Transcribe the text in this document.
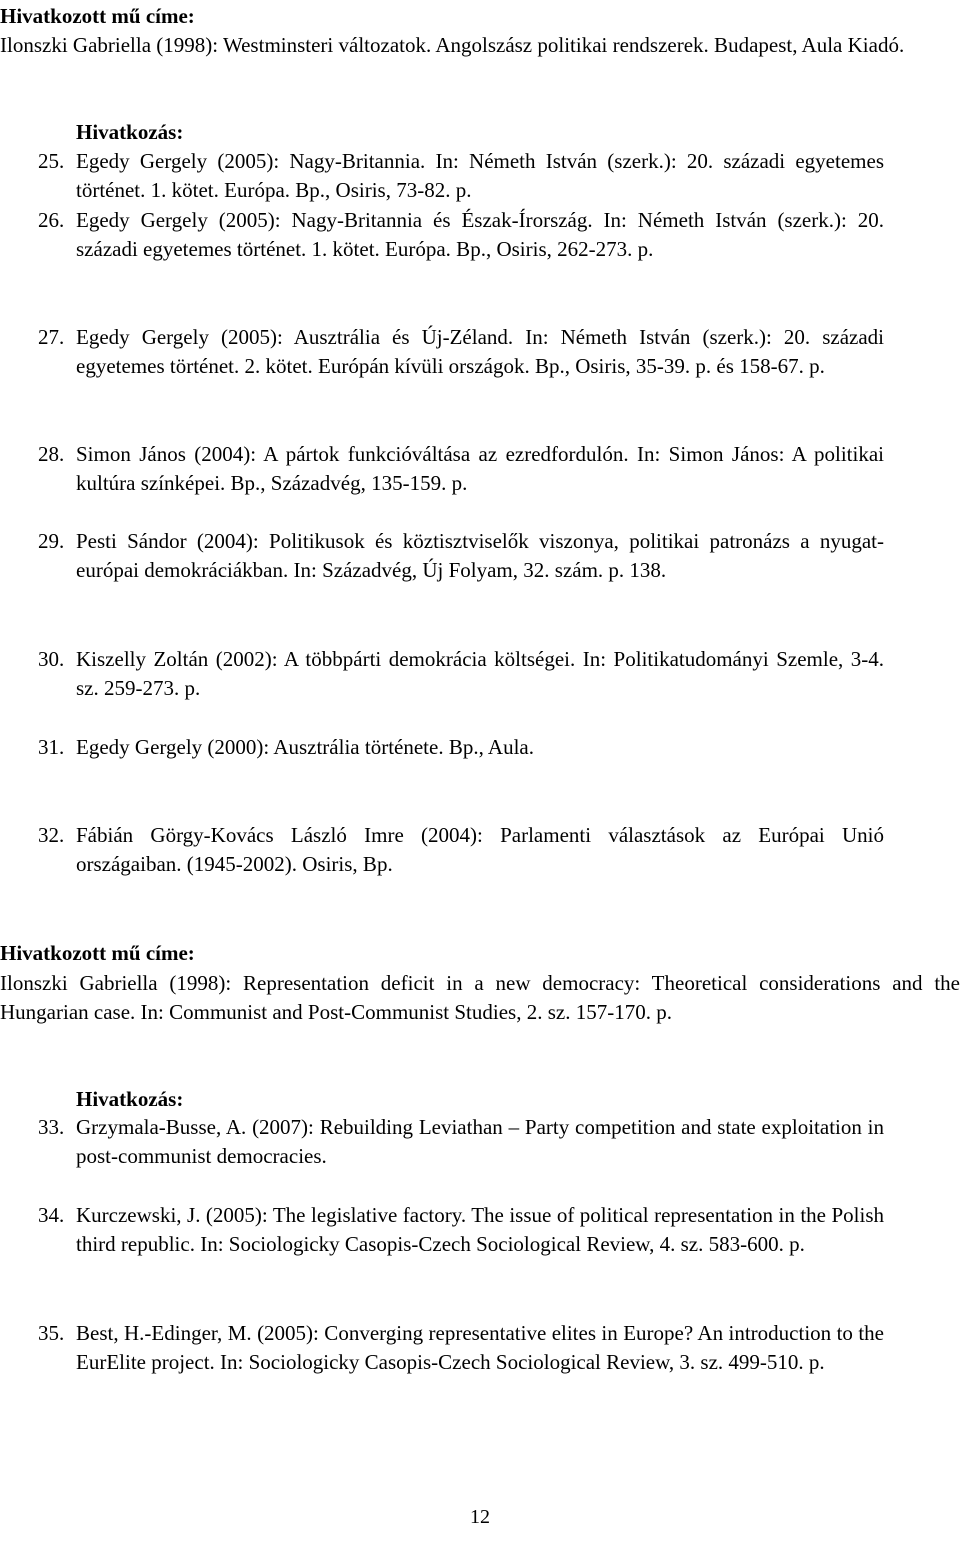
Hivatkozott mű címe:
Ilonszki Gabriella (1998): Westminsteri változatok. Angolszász politikai rendszerek. Budapest, Aula Kiadó.
Hivatkozás:
25. Egedy Gergely (2005): Nagy-Britannia. In: Németh István (szerk.): 20. századi egyetemes történet. 1. kötet. Európa. Bp., Osiris, 73-82. p.
26. Egedy Gergely (2005): Nagy-Britannia és Észak-Írország. In: Németh István (szerk.): 20. századi egyetemes történet. 1. kötet. Európa. Bp., Osiris, 262-273. p.
27. Egedy Gergely (2005): Ausztrália és Új-Zéland. In: Németh István (szerk.): 20. századi egyetemes történet. 2. kötet. Európán kívüli országok. Bp., Osiris, 35-39. p. és 158-67. p.
28. Simon János (2004): A pártok funkcióváltása az ezredfordulón. In: Simon János: A politikai kultúra színképei. Bp., Századvég, 135-159. p.
29. Pesti Sándor (2004): Politikusok és köztisztviselők viszonya, politikai patronázs a nyugat-európai demokráciákban. In: Századvég, Új Folyam, 32. szám. p. 138.
30. Kiszelly Zoltán (2002): A többpárti demokrácia költségei. In: Politikatudományi Szemle, 3-4. sz. 259-273. p.
31. Egedy Gergely (2000): Ausztrália története. Bp., Aula.
32. Fábián Görgy-Kovács László Imre (2004): Parlamenti választások az Európai Unió országaiban. (1945-2002). Osiris, Bp.
Hivatkozott mű címe:
Ilonszki Gabriella (1998): Representation deficit in a new democracy: Theoretical considerations and the Hungarian case. In: Communist and Post-Communist Studies, 2. sz. 157-170. p.
Hivatkozás:
33. Grzymala-Busse, A. (2007): Rebuilding Leviathan – Party competition and state exploitation in post-communist democracies.
34. Kurczewski, J. (2005): The legislative factory. The issue of political representation in the Polish third republic. In: Sociologicky Casopis-Czech Sociological Review, 4. sz. 583-600. p.
35. Best, H.-Edinger, M. (2005): Converging representative elites in Europe? An introduction to the EurElite project. In: Sociologicky Casopis-Czech Sociological Review, 3. sz. 499-510. p.
12
